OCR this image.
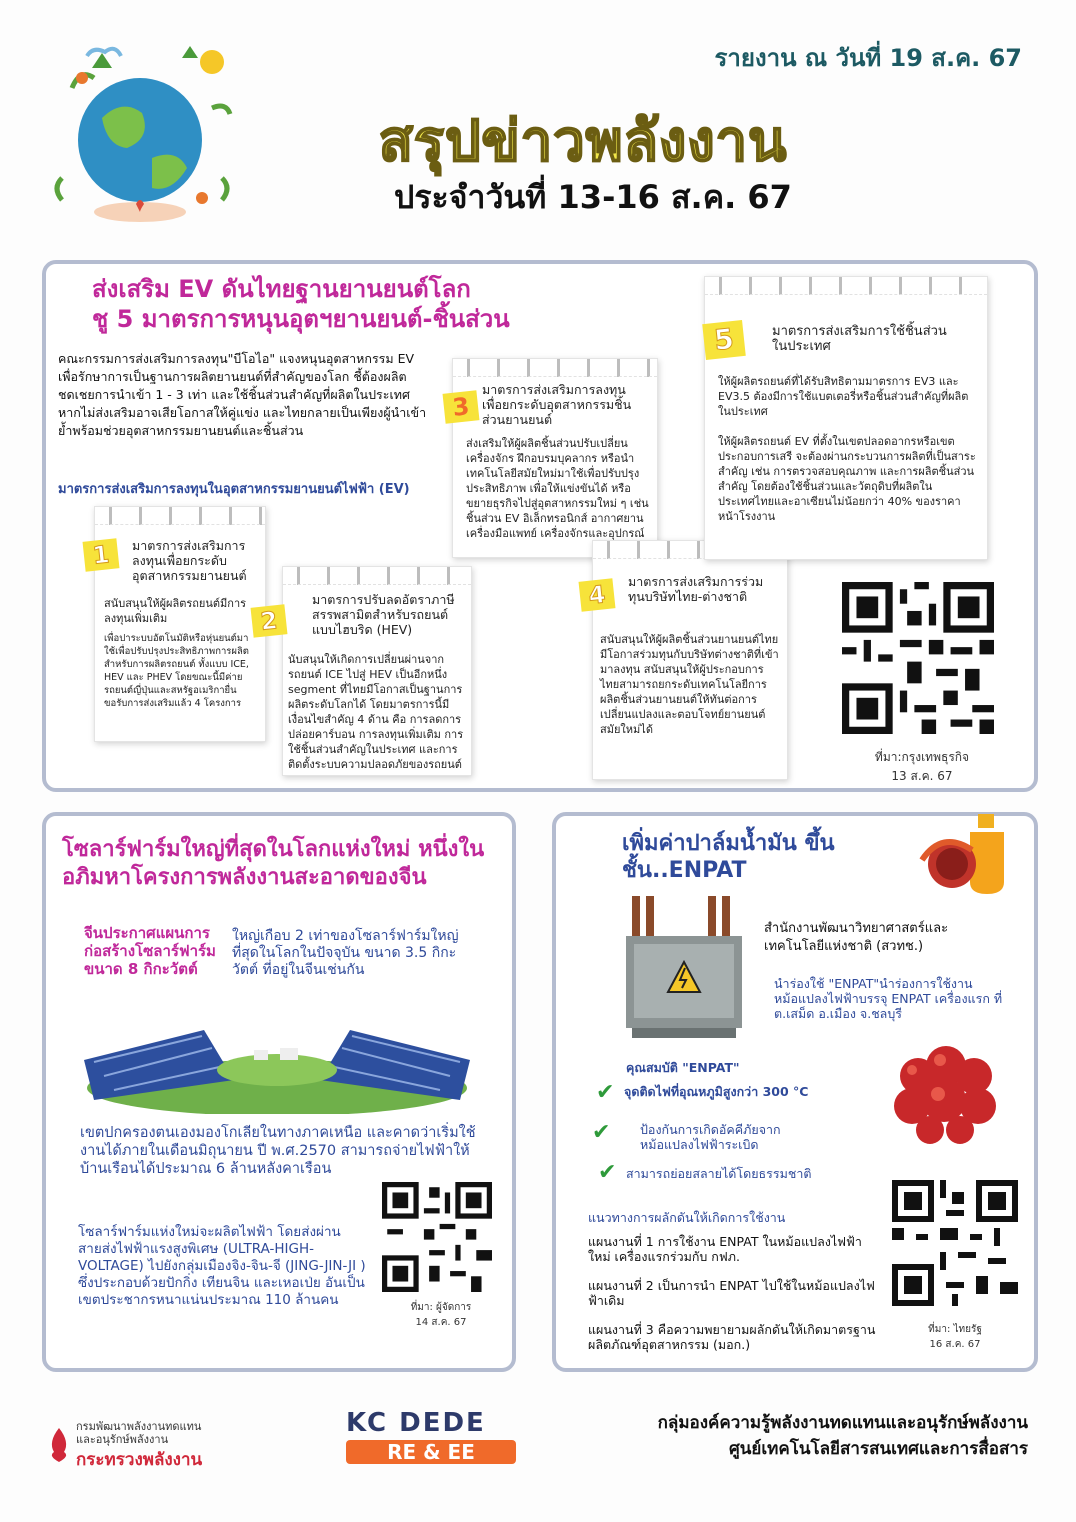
รายงาน ณ วันที่ 19 ส.ค. 67
สรุปข่าวพลังงาน
ประจำวันที่ 13-16 ส.ค. 67
ส่งเสริม EV ดันไทยฐานยานยนต์โลก
ชู 5 มาตรการหนุนอุตฯยานยนต์-ชิ้นส่วน
คณะกรรมการส่งเสริมการลงทุน"บีโอไอ" แจงหนุนอุตสาหกรรม EV เพื่อรักษาการเป็นฐานการผลิตยานยนต์ที่สำคัญของโลก ชี้ต้องผลิตชดเชยการนำเข้า 1 - 3 เท่า และใช้ชิ้นส่วนสำคัญที่ผลิตในประเทศ หากไม่ส่งเสริมอาจเสียโอกาสให้คู่แข่ง และไทยกลายเป็นเพียงผู้นำเข้า ย้ำพร้อมช่วยอุตสาหกรรมยานยนต์และชิ้นส่วน
มาตรการส่งเสริมการลงทุนในอุตสาหกรรมยานยนต์ไฟฟ้า (EV)
1	มาตรการส่งเสริมการลงทุนเพื่อยกระดับอุตสาหกรรมยานยนต์
สนับสนุนให้ผู้ผลิตรถยนต์มีการลงทุนเพิ่มเติม
เพื่อปาระบบอัตโนมัติหรือหุ่นยนต์มาใช้เพื่อปรับปรุงประสิทธิภาพการผลิตสำหรับการผลิตรถยนต์ ทั้งแบบ ICE, HEV และ PHEV โดยขณะนี้มีค่ายรถยนต์ญี่ปุ่นและสหรัฐอเมริกายื่นขอรับการส่งเสริมแล้ว 4 โครงการ
2
มาตรการปรับลดอัตราภาษีสรรพสามิตสำหรับรถยนต์แบบไฮบริด (HEV)
นับสนุนให้เกิดการเปลี่ยนผ่านจากรถยนต์ ICE ไปสู่ HEV เป็นอีกหนึ่ง segment ที่ไทยมีโอกาสเป็นฐานการผลิตระดับโลกได้ โดยมาตรการนี้มีเงื่อนไขสำคัญ 4 ด้าน คือ การลดการปล่อยคาร์บอน การลงทุนเพิ่มเติม การใช้ชิ้นส่วนสำคัญในประเทศ และการติดตั้งระบบความปลอดภัยของรถยนต์
3
มาตรการส่งเสริมการลงทุนเพื่อยกระดับอุตสาหกรรมชิ้นส่วนยานยนต์
ส่งเสริมให้ผู้ผลิตชิ้นส่วนปรับเปลี่ยนเครื่องจักร ฝึกอบรมบุคลากร หรือนำเทคโนโลยีสมัยใหม่มาใช้เพื่อปรับปรุงประสิทธิภาพ เพื่อให้แข่งขันได้ หรือขยายธุรกิจไปสู่อุตสาหกรรมใหม่ ๆ เช่น ชิ้นส่วน EV อิเล็กทรอนิกส์ อากาศยาน เครื่องมือแพทย์ เครื่องจักรและอุปกรณ์
4	มาตรการส่งเสริมการร่วมทุนบริษัทไทย-ต่างชาติ
สนับสนุนให้ผู้ผลิตชิ้นส่วนยานยนต์ไทย มีโอกาสร่วมทุนกับบริษัทต่างชาติที่เข้ามาลงทุน สนับสนุนให้ผู้ประกอบการไทยสามารถยกระดับเทคโนโลยีการผลิตชิ้นส่วนยานยนต์ให้ทันต่อการเปลี่ยนแปลงและตอบโจทย์ยานยนต์สมัยใหม่ได้
5	มาตรการส่งเสริมการใช้ชิ้นส่วนในประเทศ
ให้ผู้ผลิตรถยนต์ที่ได้รับสิทธิตามมาตรการ EV3 และ EV3.5 ต้องมีการใช้แบตเตอรี่หรือชิ้นส่วนสำคัญที่ผลิตในประเทศ
ให้ผู้ผลิตรถยนต์ EV ที่ตั้งในเขตปลอดอากรหรือเขตประกอบการเสรี จะต้องผ่านกระบวนการผลิตที่เป็นสาระสำคัญ เช่น การตรวจสอบคุณภาพ และการผลิตชิ้นส่วนสำคัญ โดยต้องใช้ชิ้นส่วนและวัตถุดิบที่ผลิตในประเทศไทยและอาเซียนไม่น้อยกว่า 40% ของราคาหน้าโรงงาน
ที่มา:กรุงเทพธุรกิจ
13 ส.ค. 67
โซลาร์ฟาร์มใหญ่ที่สุดในโลกแห่งใหม่ หนึ่งในอภิมหาโครงการพลังงานสะอาดของจีน
จีนประกาศแผนการก่อสร้างโซลาร์ฟาร์มขนาด 8 กิกะวัตต์
ใหญ่เกือบ 2 เท่าของโซลาร์ฟาร์มใหญ่ที่สุดในโลกในปัจจุบัน ขนาด 3.5 กิกะวัตต์ ที่อยู่ในจีนเช่นกัน
เขตปกครองตนเองมองโกเลียในทางภาคเหนือ และคาดว่าเริ่มใช้งานได้ภายในเดือนมิถุนายน ปี พ.ศ.2570 สามารถจ่ายไฟฟ้าให้บ้านเรือนได้ประมาณ 6 ล้านหลังคาเรือน
โซลาร์ฟาร์มแห่งใหม่จะผลิตไฟฟ้า โดยส่งผ่านสายส่งไฟฟ้าแรงสูงพิเศษ (ULTRA-HIGH-VOLTAGE) ไปยังกลุ่มเมืองจิง-จิน-จี (JING-JIN-JI ) ซึ่งประกอบด้วยปักกิ่ง เทียนจิน และเหอเป่ย อันเป็นเขตประชากรหนาแน่นประมาณ 110 ล้านคน	ที่มา: ผู้จัดการ
14 ส.ค. 67
เพิ่มค่าปาล์มน้ำมัน ขึ้นชั้น..ENPAT
สำนักงานพัฒนาวิทยาศาสตร์และเทคโนโลยีแห่งชาติ (สวทช.)
นำร่องใช้ "ENPAT"นำร่องการใช้งานหม้อแปลงไฟฟ้าบรรจุ ENPAT เครื่องแรก ที่ ต.เสม็ด อ.เมือง จ.ชลบุรี
คุณสมบัติ "ENPAT"
✔ จุดติดไฟที่อุณหภูมิสูงกว่า 300 °C
✔ ป้องกันการเกิดอัคคีภัยจากหม้อแปลงไฟฟ้าระเบิด
✔ สามารถย่อยสลายได้โดยธรรมชาติ
แนวทางการผลักดันให้เกิดการใช้งาน
แผนงานที่ 1 การใช้งาน ENPAT ในหม้อแปลงไฟฟ้าใหม่ เครื่องแรกร่วมกับ กฟภ.
แผนงานที่ 2 เป็นการนำ ENPAT ไปใช้ในหม้อแปลงไฟฟ้าเดิม
แผนงานที่ 3 คือความพยายามผลักดันให้เกิดมาตรฐานผลิตภัณฑ์อุตสาหกรรม (มอก.)
ที่มา: ไทยรัฐ
16 ส.ค. 67
กรมพัฒนาพลังงานทดแทน
และอนุรักษ์พลังงาน
กระทรวงพลังงาน
KC DEDE
RE & EE
กลุ่มองค์ความรู้พลังงานทดแทนและอนุรักษ์พลังงาน
ศูนย์เทคโนโลยีสารสนเทศและการสื่อสาร
